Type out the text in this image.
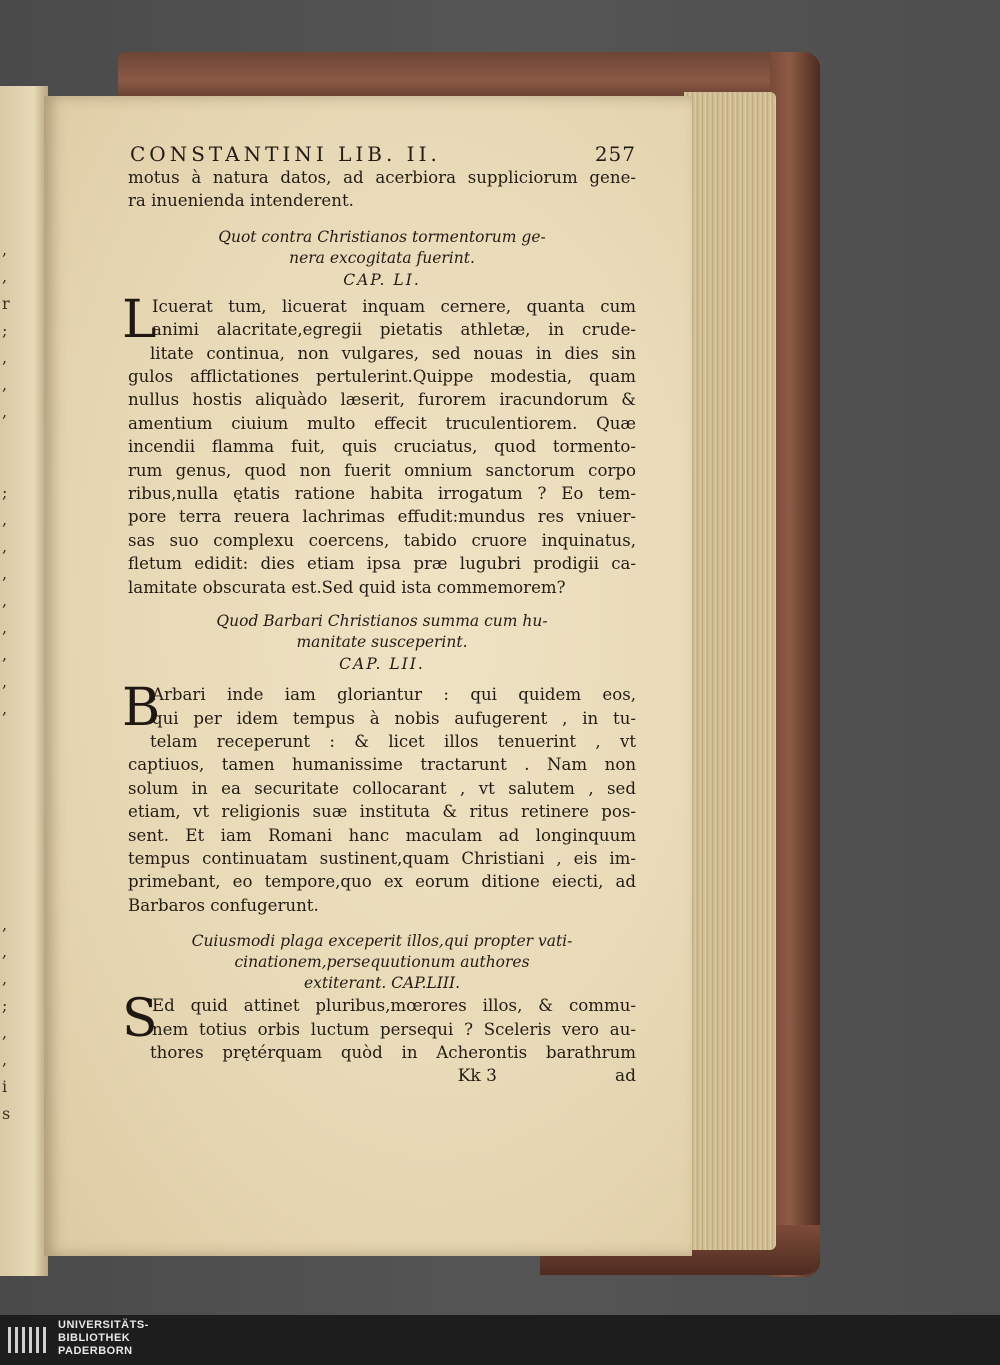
,
,
r
;
,
,
,

;
,
,
,
,
,
,
,
,

,
,
,
;
,
,
i
s
CONSTANTINI LIB. II.	257
motus à natura datos, ad acerbiora suppliciorum gene-
ra inuenienda intenderent.
Quot contra Christianos tormentorum ge-
nera excogitata fuerint.
CAP. LI.
L
Icuerat tum, licuerat inquam cernere, quanta cum
animi alacritate,egregii pietatis athletæ, in crude-
litate continua, non vulgares, sed nouas in dies sin
gulos afflictationes pertulerint.Quippe modestia, quam
nullus hostis aliquàdo læserit, furorem iracundorum &
amentium ciuium multo effecit truculentiorem. Quæ
incendii flamma fuit, quis cruciatus, quod tormento-
rum genus, quod non fuerit omnium sanctorum corpo
ribus,nulla ętatis ratione habita irrogatum ? Eo tem-
pore terra reuera lachrimas effudit:mundus res vniuer-
sas suo complexu coercens, tabido cruore inquinatus,
fletum edidit: dies etiam ipsa præ lugubri prodigii ca-
lamitate obscurata est.Sed quid ista commemorem?
Quod Barbari Christianos summa cum hu-
manitate susceperint.
CAP. LII.
B
Arbari inde iam gloriantur : qui quidem eos,
qui per idem tempus à nobis aufugerent , in tu-
telam receperunt : & licet illos tenuerint , vt
captiuos, tamen humanissime tractarunt . Nam non
solum in ea securitate collocarant , vt salutem , sed
etiam, vt religionis suæ instituta & ritus retinere pos-
sent. Et iam Romani hanc maculam ad longinquum
tempus continuatam sustinent,quam Christiani , eis im-
primebant, eo tempore,quo ex eorum ditione eiecti, ad
Barbaros confugerunt.
Cuiusmodi plaga exceperit illos,qui propter vati-
cinationem,persequutionum authores
extiterant. CAP.LIII.
S
Ed quid attinet pluribus,mœrores illos, & commu-
nem totius orbis luctum persequi ? Sceleris vero au-
thores prętérquam quòd in Acherontis barathrum
Kk 3	ad
UNIVERSITÄTS-
BIBLIOTHEK
PADERBORN
